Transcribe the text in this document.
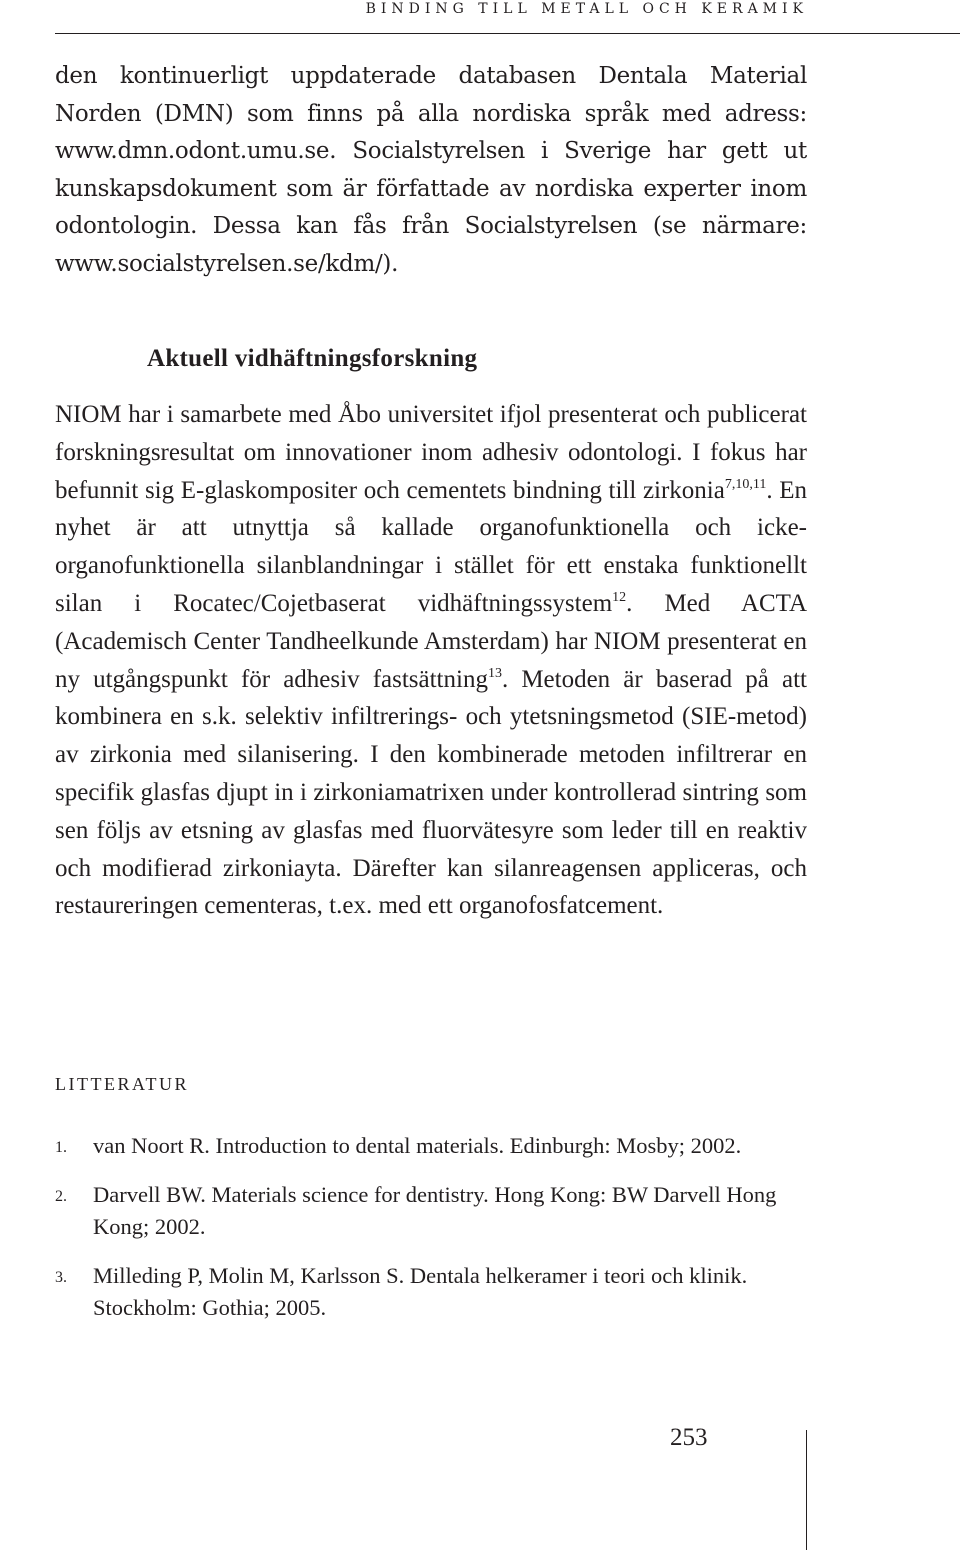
BINDING TILL METALL OCH KERAMIK

den kontinuerligt uppdaterade databasen Dentala Material Norden (DMN) som finns på alla nordiska språk med adress: www.dmn.odont.umu.se. Socialstyrelsen i Sverige har gett ut kunskapsdokument som är författade av nordiska experter inom odontologin. Dessa kan fås från Socialstyrelsen (se närmare: www.socialstyrelsen.se/kdm/).

Aktuell vidhäftningsforskning

NIOM har i samarbete med Åbo universitet ifjol presenterat och publicerat forskningsresultat om innovationer inom adhesiv odontologi. I fokus har befunnit sig E-glaskompositer och cementets bindning till zirkonia$^{7,10,11}$. En nyhet är att utnyttja så kallade organofunktionella och icke-organofunktionella silanblandningar i stället för ett enstaka funktionellt silan i Rocatec/Cojetbaserat vidhäftningssystem$^{12}$. Med ACTA (Academisch Center Tandheelkunde Amsterdam) har NIOM presenterat en ny utgångspunkt för adhesiv fastsättning$^{13}$. Metoden är baserad på att kombinera en s.k. selektiv infiltrerings- och ytetsningsmetod (SIE-metod) av zirkonia med silanisering. I den kombinerade metoden infiltrerar en specifik glasfas djupt in i zirkoniamatrixen under kontrollerad sintring som sen följs av etsning av glasfas med fluorvätesyre som leder till en reaktiv och modifierad zirkoniayta. Därefter kan silanreagensen appliceras, och restaureringen cementeras, t.ex. med ett organofosfatcement.

LITTERATUR
1. van Noort R. Introduction to dental materials. Edinburgh: Mosby; 2002.
2. Darvell BW. Materials science for dentistry. Hong Kong: BW Darvell Hong Kong; 2002.
3. Milleding P, Molin M, Karlsson S. Dentala helkeramer i teori och klinik. Stockholm: Gothia; 2005.
253
